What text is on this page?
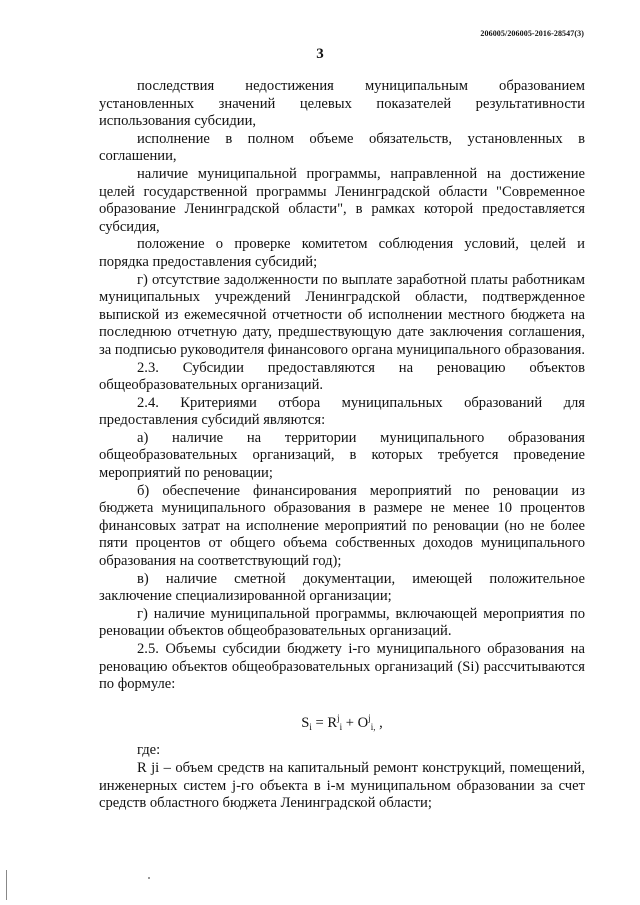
206005/206005-2016-28547(3)
3

последствия недостижения муниципальным образованием установленных значений целевых показателей результативности использования субсидии,

исполнение в полном объеме обязательств, установленных в соглашении,

наличие муниципальной программы, направленной на достижение целей государственной программы Ленинградской области "Современное образование Ленинградской области", в рамках которой предоставляется субсидия,

положение о проверке комитетом соблюдения условий, целей и порядка предоставления субсидий;

г) отсутствие задолженности по выплате заработной платы работникам муниципальных учреждений Ленинградской области, подтвержденное выпиской из ежемесячной отчетности об исполнении местного бюджета на последнюю отчетную дату, предшествующую дате заключения соглашения, за подписью руководителя финансового органа муниципального образования.

2.3. Субсидии предоставляются на реновацию объектов общеобразовательных организаций.

2.4. Критериями отбора муниципальных образований для предоставления субсидий являются:

а) наличие на территории муниципального образования общеобразовательных организаций, в которых требуется проведение мероприятий по реновации;

б) обеспечение финансирования мероприятий по реновации из бюджета муниципального образования в размере не менее 10 процентов финансовых затрат на исполнение мероприятий по реновации (но не более пяти процентов от общего объема собственных доходов муниципального образования на соответствующий год);

в) наличие сметной документации, имеющей положительное заключение специализированной организации;

г) наличие муниципальной программы, включающей мероприятия по реновации объектов общеобразовательных организаций.

2.5. Объемы субсидии бюджету i-го муниципального образования на реновацию объектов общеобразовательных организаций (Si) рассчитываются по формуле:

$S_i = R^j_i + O^j_{i,}$ ,

где:

R ji – объем средств на капитальный ремонт конструкций, помещений, инженерных систем j-го объекта в i-м муниципальном образовании за счет средств областного бюджета Ленинградской области;
